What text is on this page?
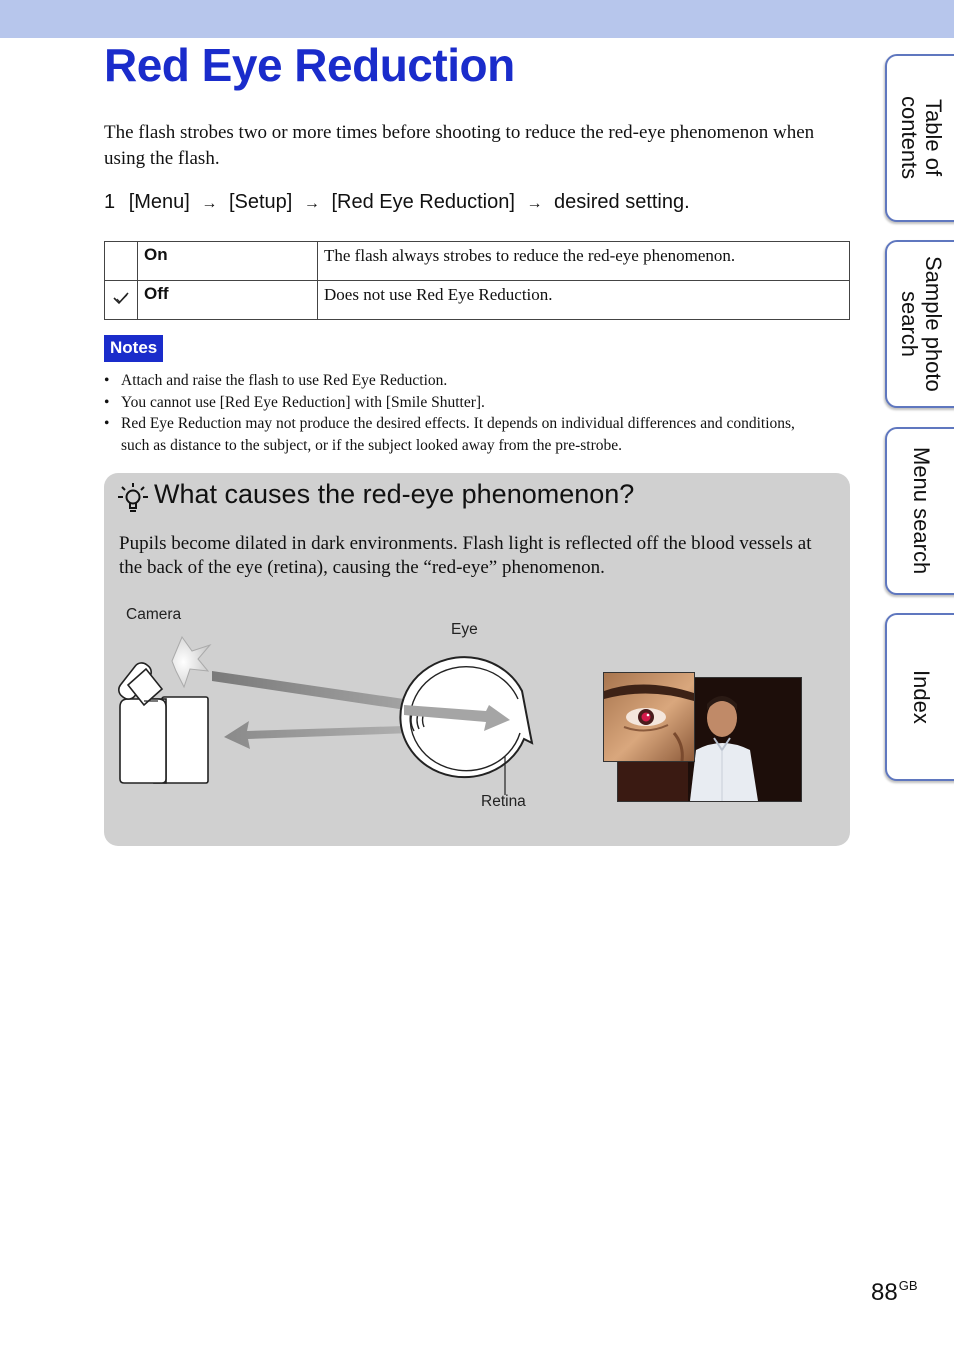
Red Eye Reduction

The flash strobes two or more times before shooting to reduce the red-eye phenomenon when using the flash.

1 [Menu] → [Setup] → [Red Eye Reduction] → desired setting.
	On	The flash always strobes to reduce the red-eye phenomenon.
	Off	Does not use Red Eye Reduction.
Notes
• Attach and raise the flash to use Red Eye Reduction.
• You cannot use [Red Eye Reduction] with [Smile Shutter].
• Red Eye Reduction may not produce the desired effects. It depends on individual differences and conditions, such as distance to the subject, or if the subject looked away from the pre-strobe.
What causes the red-eye phenomenon?

Pupils become dilated in dark environments. Flash light is reflected off the blood vessels at the back of the eye (retina), causing the “red-eye” phenomenon.

Camera
Eye
Retina
Table of contents
Sample photo search
Menu search
Index
$88^{GB}$
